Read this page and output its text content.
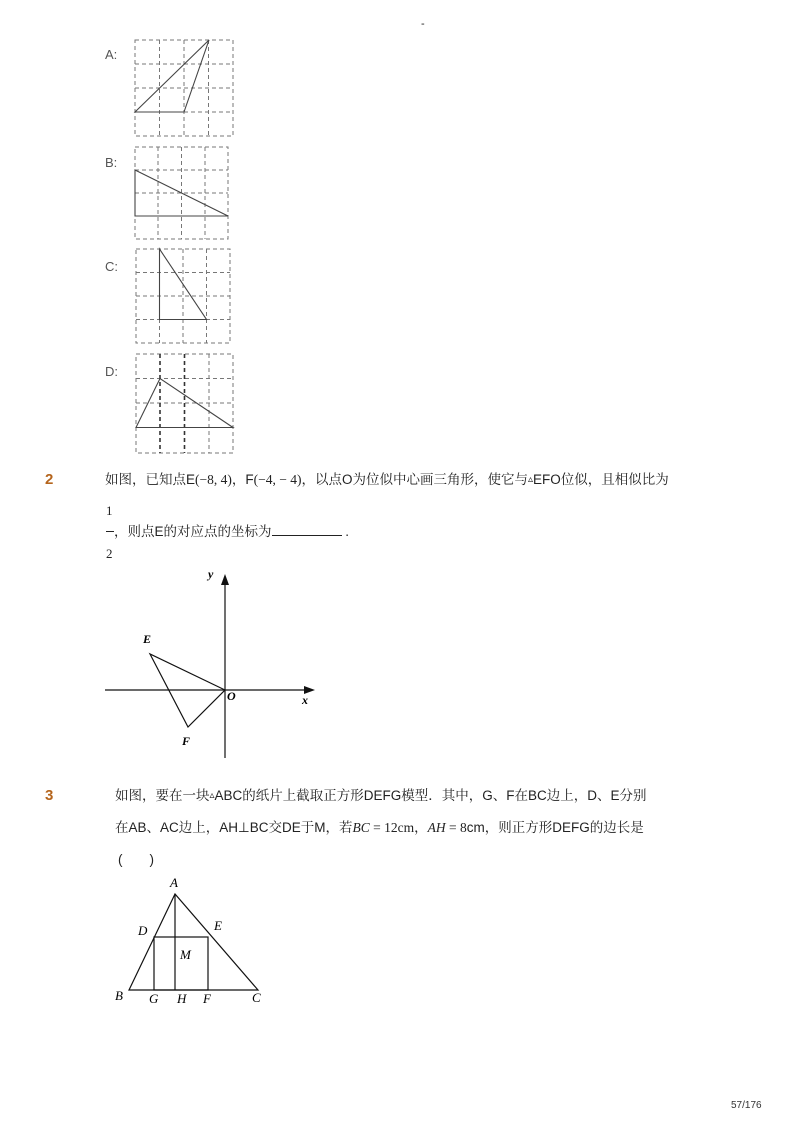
-
A:
B:
C:
D:
2	如图，已知点E(−8, 4)，F(−4, − 4)，以点O为位似中心画三角形，使它与▵EFO位似，且相似比为
1
，则点E的对应点的坐标为	.
2
E
F
O	x
y
3	如图，要在一块▵ABC的纸片上截取正方形DEFG模型．其中，G、F在BC边上，D、E分别
在AB、AC边上，AH⊥BC交DE于M，若BC = 12cm，AH = 8cm，则正方形DEFG的边长是
(　　)
A
B	C
D	E
F
G H
M
57/176
